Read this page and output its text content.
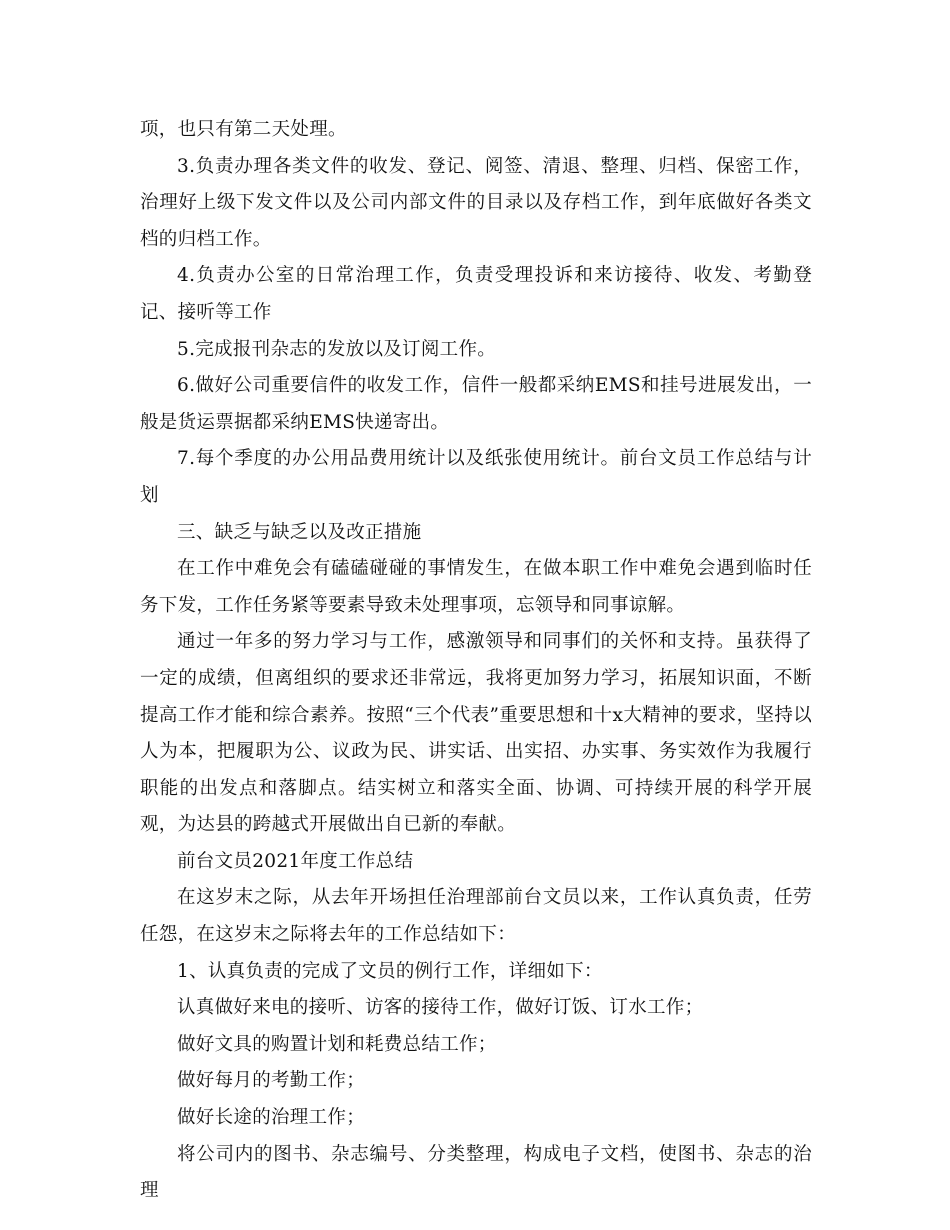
项，也只有第二天处理。

3.负责办理各类文件的收发、登记、阅签、清退、整理、归档、保密工作，治理好上级下发文件以及公司内部文件的目录以及存档工作，到年底做好各类文档的归档工作。

4.负责办公室的日常治理工作，负责受理投诉和来访接待、收发、考勤登记、接听等工作

5.完成报刊杂志的发放以及订阅工作。

6.做好公司重要信件的收发工作，信件一般都采纳EMS和挂号进展发出，一般是货运票据都采纳EMS快递寄出。

7.每个季度的办公用品费用统计以及纸张使用统计。前台文员工作总结与计划

三、缺乏与缺乏以及改正措施

在工作中难免会有磕磕碰碰的事情发生，在做本职工作中难免会遇到临时任务下发，工作任务紧等要素导致未处理事项，忘领导和同事谅解。

通过一年多的努力学习与工作，感激领导和同事们的关怀和支持。虽获得了一定的成绩，但离组织的要求还非常远，我将更加努力学习，拓展知识面，不断提高工作才能和综合素养。按照“三个代表”重要思想和十x大精神的要求，坚持以人为本，把履职为公、议政为民、讲实话、出实招、办实事、务实效作为我履行职能的出发点和落脚点。结实树立和落实全面、协调、可持续开展的科学开展观，为达县的跨越式开展做出自已新的奉献。

前台文员2021年度工作总结

在这岁末之际，从去年开场担任治理部前台文员以来，工作认真负责，任劳任怨，在这岁末之际将去年的工作总结如下：

1、认真负责的完成了文员的例行工作，详细如下：

认真做好来电的接听、访客的接待工作，做好订饭、订水工作；

做好文具的购置计划和耗费总结工作；

做好每月的考勤工作；

做好长途的治理工作；

将公司内的图书、杂志编号、分类整理，构成电子文档，使图书、杂志的治理
